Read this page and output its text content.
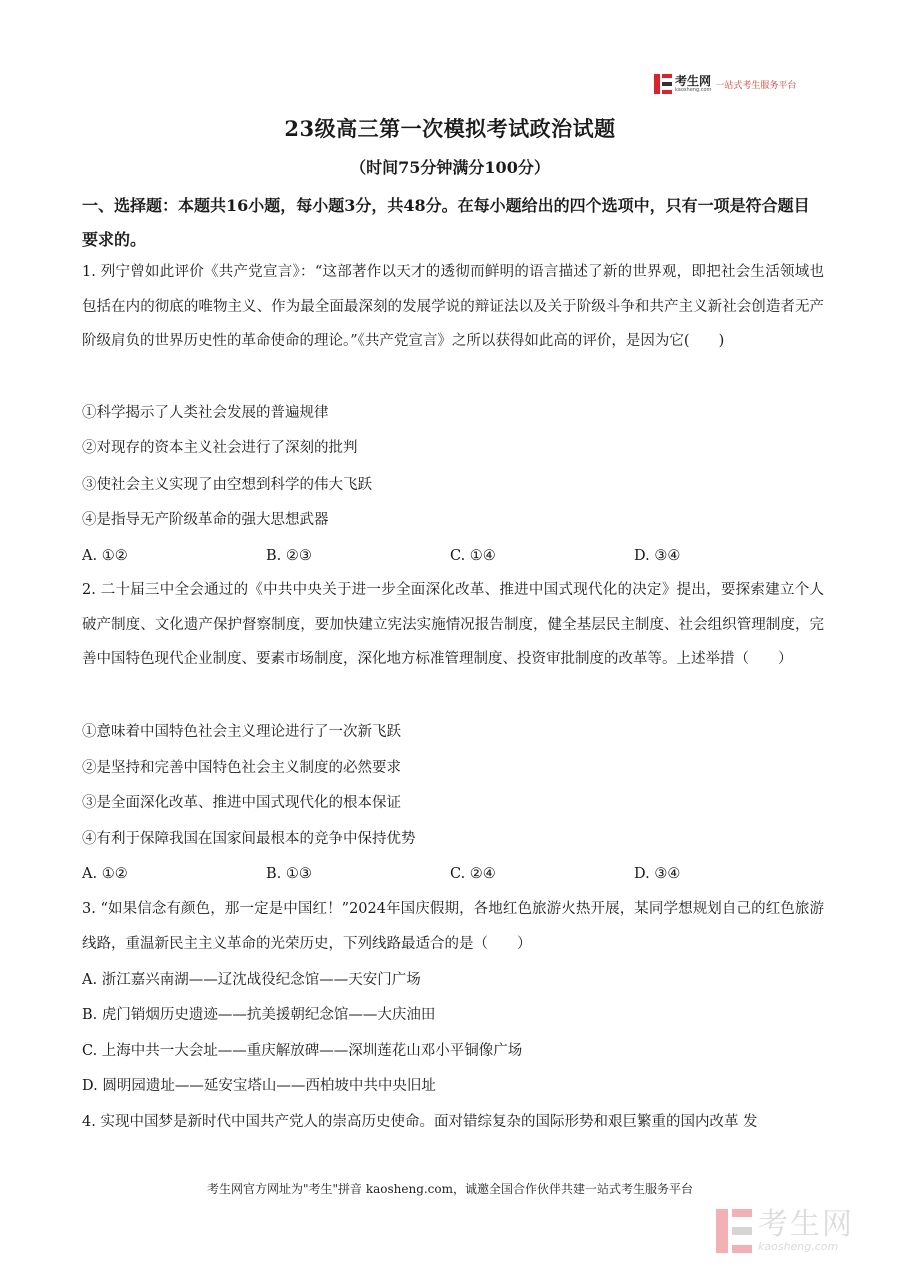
考生网
kaosheng.com 一站式考生服务平台
23级高三第一次模拟考试政治试题
（时间75分钟满分100分）
一、选择题：本题共16小题，每小题3分，共48分。在每小题给出的四个选项中，只有一项是符合题目要求的。
1. 列宁曾如此评价《共产党宣言》：“这部著作以天才的透彻而鲜明的语言描述了新的世界观，即把社会生活领域也包括在内的彻底的唯物主义、作为最全面最深刻的发展学说的辩证法以及关于阶级斗争和共产主义新社会创造者无产阶级肩负的世界历史性的革命使命的理论。”《共产党宣言》之所以获得如此高的评价，是因为它(　　)
①科学揭示了人类社会发展的普遍规律
②对现存的资本主义社会进行了深刻的批判
③使社会主义实现了由空想到科学的伟大飞跃
④是指导无产阶级革命的强大思想武器
A. ①②	B. ②③	C. ①④	D. ③④
2. 二十届三中全会通过的《中共中央关于进一步全面深化改革、推进中国式现代化的决定》提出，要探索建立个人破产制度、文化遗产保护督察制度，要加快建立宪法实施情况报告制度，健全基层民主制度、社会组织管理制度，完善中国特色现代企业制度、要素市场制度，深化地方标准管理制度、投资审批制度的改革等。上述举措（　　）
①意味着中国特色社会主义理论进行了一次新飞跃
②是坚持和完善中国特色社会主义制度的必然要求
③是全面深化改革、推进中国式现代化的根本保证
④有利于保障我国在国家间最根本的竞争中保持优势
A. ①②	B. ①③	C. ②④	D. ③④
3. “如果信念有颜色，那一定是中国红！”2024年国庆假期，各地红色旅游火热开展，某同学想规划自己的红色旅游线路，重温新民主主义革命的光荣历史，下列线路最适合的是（　　）
A. 浙江嘉兴南湖——辽沈战役纪念馆——天安门广场
B. 虎门销烟历史遗迹——抗美援朝纪念馆——大庆油田
C. 上海中共一大会址——重庆解放碑——深圳莲花山邓小平铜像广场
D. 圆明园遗址——延安宝塔山——西柏坡中共中央旧址
4. 实现中国梦是新时代中国共产党人的崇高历史使命。面对错综复杂的国际形势和艰巨繁重的国内改革 发
考生网官方网址为"考生"拼音 kaosheng.com，诚邀全国合作伙伴共建一站式考生服务平台
考生网
kaosheng.com
